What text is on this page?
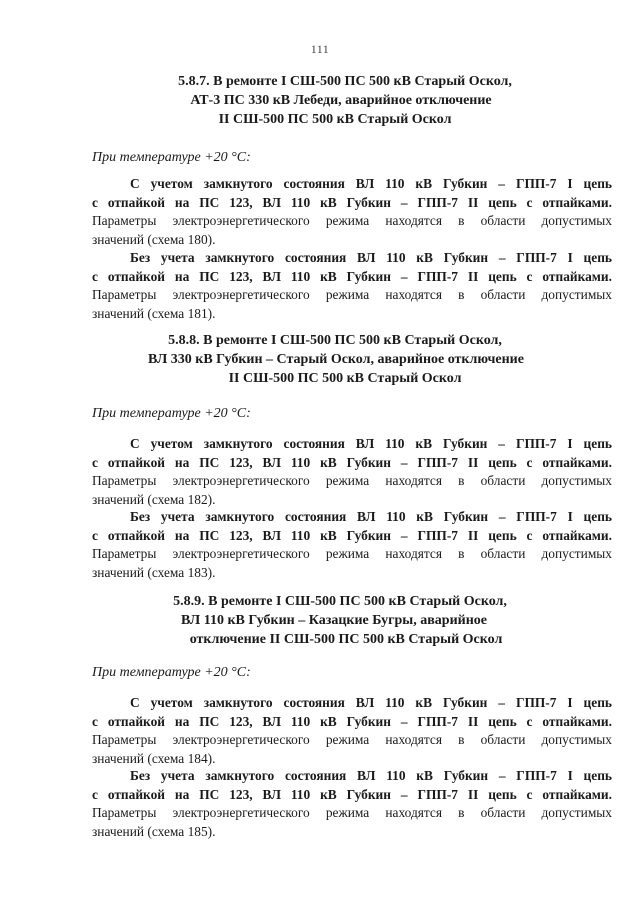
111
5.8.7. В ремонте I СШ-500 ПС 500 кВ Старый Оскол,
АТ-3 ПС 330 кВ Лебеди, аварийное отключение
II СШ-500 ПС 500 кВ Старый Оскол
При температуре +20 °С:
С учетом замкнутого состояния ВЛ 110 кВ Губкин – ГПП-7 I цепь
с отпайкой на ПС 123, ВЛ 110 кВ Губкин – ГПП-7 II цепь с отпайками.
Параметры электроэнергетического режима находятся в области допустимых
значений (схема 180).
Без учета замкнутого состояния ВЛ 110 кВ Губкин – ГПП-7 I цепь
с отпайкой на ПС 123, ВЛ 110 кВ Губкин – ГПП-7 II цепь с отпайками.
Параметры электроэнергетического режима находятся в области допустимых
значений (схема 181).
5.8.8. В ремонте I СШ-500 ПС 500 кВ Старый Оскол,
ВЛ 330 кВ Губкин – Старый Оскол, аварийное отключение
II СШ-500 ПС 500 кВ Старый Оскол
При температуре +20 °С:
С учетом замкнутого состояния ВЛ 110 кВ Губкин – ГПП-7 I цепь
с отпайкой на ПС 123, ВЛ 110 кВ Губкин – ГПП-7 II цепь с отпайками.
Параметры электроэнергетического режима находятся в области допустимых
значений (схема 182).
Без учета замкнутого состояния ВЛ 110 кВ Губкин – ГПП-7 I цепь
с отпайкой на ПС 123, ВЛ 110 кВ Губкин – ГПП-7 II цепь с отпайками.
Параметры электроэнергетического режима находятся в области допустимых
значений (схема 183).
5.8.9. В ремонте I СШ-500 ПС 500 кВ Старый Оскол,
ВЛ 110 кВ Губкин – Казацкие Бугры, аварийное
отключение II СШ-500 ПС 500 кВ Старый Оскол
При температуре +20 °С:
С учетом замкнутого состояния ВЛ 110 кВ Губкин – ГПП-7 I цепь
с отпайкой на ПС 123, ВЛ 110 кВ Губкин – ГПП-7 II цепь с отпайками.
Параметры электроэнергетического режима находятся в области допустимых
значений (схема 184).
Без учета замкнутого состояния ВЛ 110 кВ Губкин – ГПП-7 I цепь
с отпайкой на ПС 123, ВЛ 110 кВ Губкин – ГПП-7 II цепь с отпайками.
Параметры электроэнергетического режима находятся в области допустимых
значений (схема 185).
